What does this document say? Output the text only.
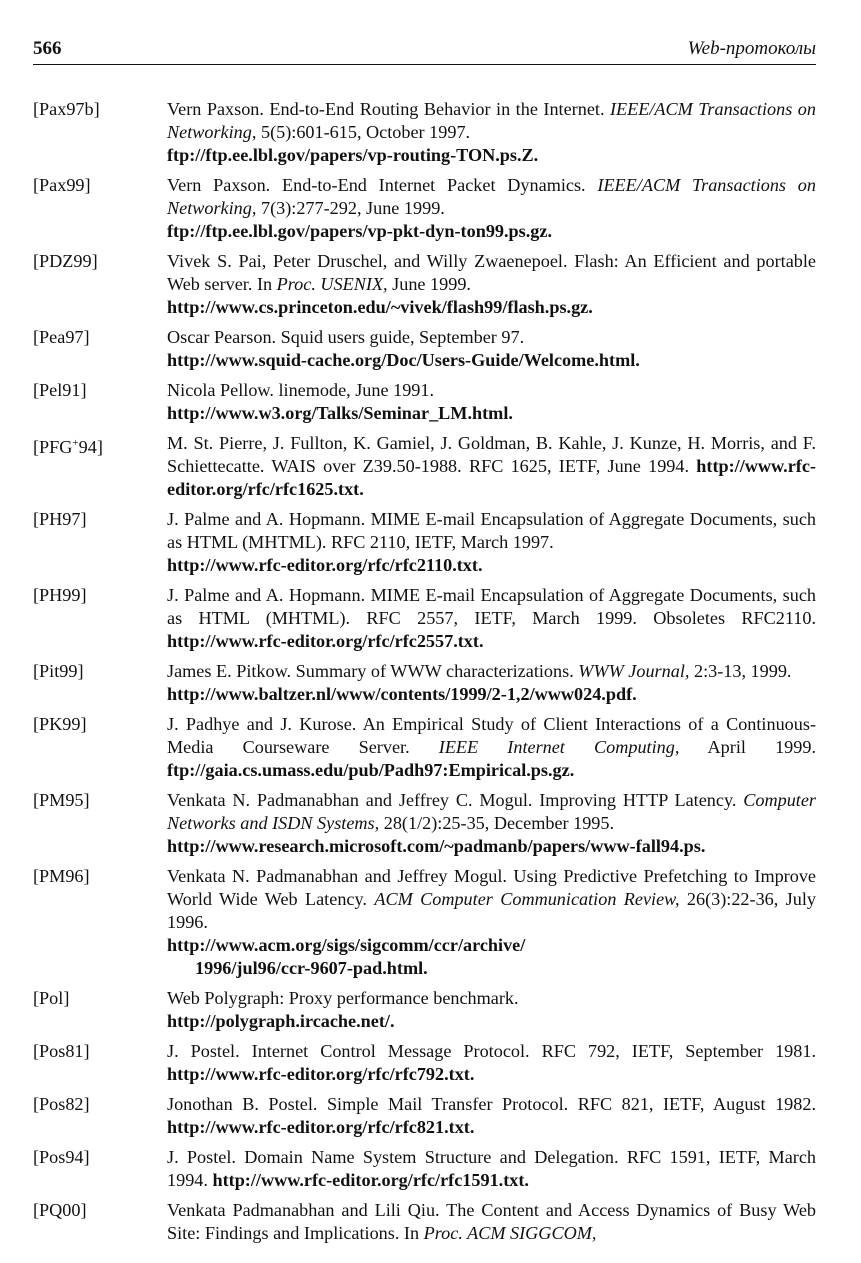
566	Web-протоколы
[Pax97b]	Vern Paxson. End-to-End Routing Behavior in the Internet. IEEE/ACM Transactions on Networking, 5(5):601-615, October 1997.
ftp://ftp.ee.lbl.gov/papers/vp-routing-TON.ps.Z.
[Pax99]	Vern Paxson. End-to-End Internet Packet Dynamics. IEEE/ACM Transactions on Networking, 7(3):277-292, June 1999.
ftp://ftp.ee.lbl.gov/papers/vp-pkt-dyn-ton99.ps.gz.
[PDZ99]	Vivek S. Pai, Peter Druschel, and Willy Zwaenepoel. Flash: An Efficient and portable Web server. In Proc. USENIX, June 1999.
http://www.cs.princeton.edu/~vivek/flash99/flash.ps.gz.
[Pea97]	Oscar Pearson. Squid users guide, September 97.
http://www.squid-cache.org/Doc/Users-Guide/Welcome.html.
[Pel91]	Nicola Pellow. linemode, June 1991.
http://www.w3.org/Talks/Seminar_LM.html.
[PFG+94]	M. St. Pierre, J. Fullton, K. Gamiel, J. Goldman, B. Kahle, J. Kunze, H. Morris, and F. Schiettecatte. WAIS over Z39.50-1988. RFC 1625, IETF, June 1994. http://www.rfc-editor.org/rfc/rfc1625.txt.
[PH97]	J. Palme and A. Hopmann. MIME E-mail Encapsulation of Aggregate Documents, such as HTML (MHTML). RFC 2110, IETF, March 1997.
http://www.rfc-editor.org/rfc/rfc2110.txt.
[PH99]	J. Palme and A. Hopmann. MIME E-mail Encapsulation of Aggregate Documents, such as HTML (MHTML). RFC 2557, IETF, March 1999. Obsoletes RFC2110. http://www.rfc-editor.org/rfc/rfc2557.txt.
[Pit99]	James E. Pitkow. Summary of WWW characterizations. WWW Journal, 2:3-13, 1999.
http://www.baltzer.nl/www/contents/1999/2-1,2/www024.pdf.
[PK99]	J. Padhye and J. Kurose. An Empirical Study of Client Interactions of a Continuous-Media Courseware Server. IEEE Internet Computing, April 1999. ftp://gaia.cs.umass.edu/pub/Padh97:Empirical.ps.gz.
[PM95]	Venkata N. Padmanabhan and Jeffrey C. Mogul. Improving HTTP Latency. Computer Networks and ISDN Systems, 28(1/2):25-35, December 1995.
http://www.research.microsoft.com/~padmanb/papers/www-fall94.ps.
[PM96]	Venkata N. Padmanabhan and Jeffrey Mogul. Using Predictive Prefetching to Improve World Wide Web Latency. ACM Computer Communication Review, 26(3):22-36, July 1996.
http://www.acm.org/sigs/sigcomm/ccr/archive/
1996/jul96/ccr-9607-pad.html.
[Pol]	Web Polygraph: Proxy performance benchmark.
http://polygraph.ircache.net/.
[Pos81]	J. Postel. Internet Control Message Protocol. RFC 792, IETF, September 1981. http://www.rfc-editor.org/rfc/rfc792.txt.
[Pos82]	Jonothan B. Postel. Simple Mail Transfer Protocol. RFC 821, IETF, August 1982. http://www.rfc-editor.org/rfc/rfc821.txt.
[Pos94]	J. Postel. Domain Name System Structure and Delegation. RFC 1591, IETF, March 1994. http://www.rfc-editor.org/rfc/rfc1591.txt.
[PQ00]	Venkata Padmanabhan and Lili Qiu. The Content and Access Dynamics of Busy Web Site: Findings and Implications. In Proc. ACM SIGGCOM,
